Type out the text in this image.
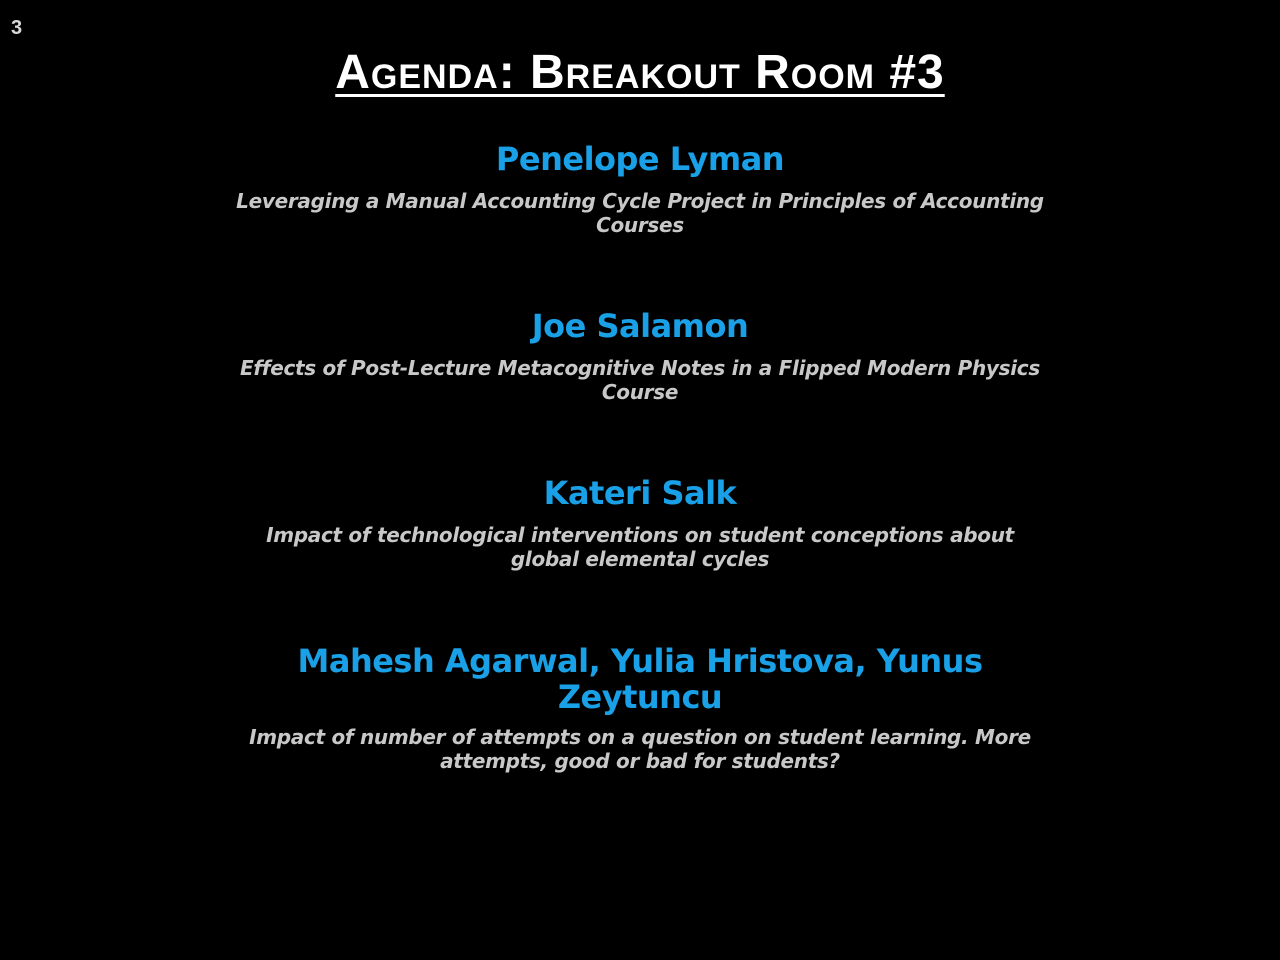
3
Agenda: Breakout Room #3
Penelope Lyman
Leveraging a Manual Accounting Cycle Project in Principles of Accounting Courses
Joe Salamon
Effects of Post-Lecture Metacognitive Notes in a Flipped Modern Physics Course
Kateri Salk
Impact of technological interventions on student conceptions about global elemental cycles
Mahesh Agarwal, Yulia Hristova, Yunus Zeytuncu
Impact of number of attempts on a question on student learning. More attempts, good or bad for students?
